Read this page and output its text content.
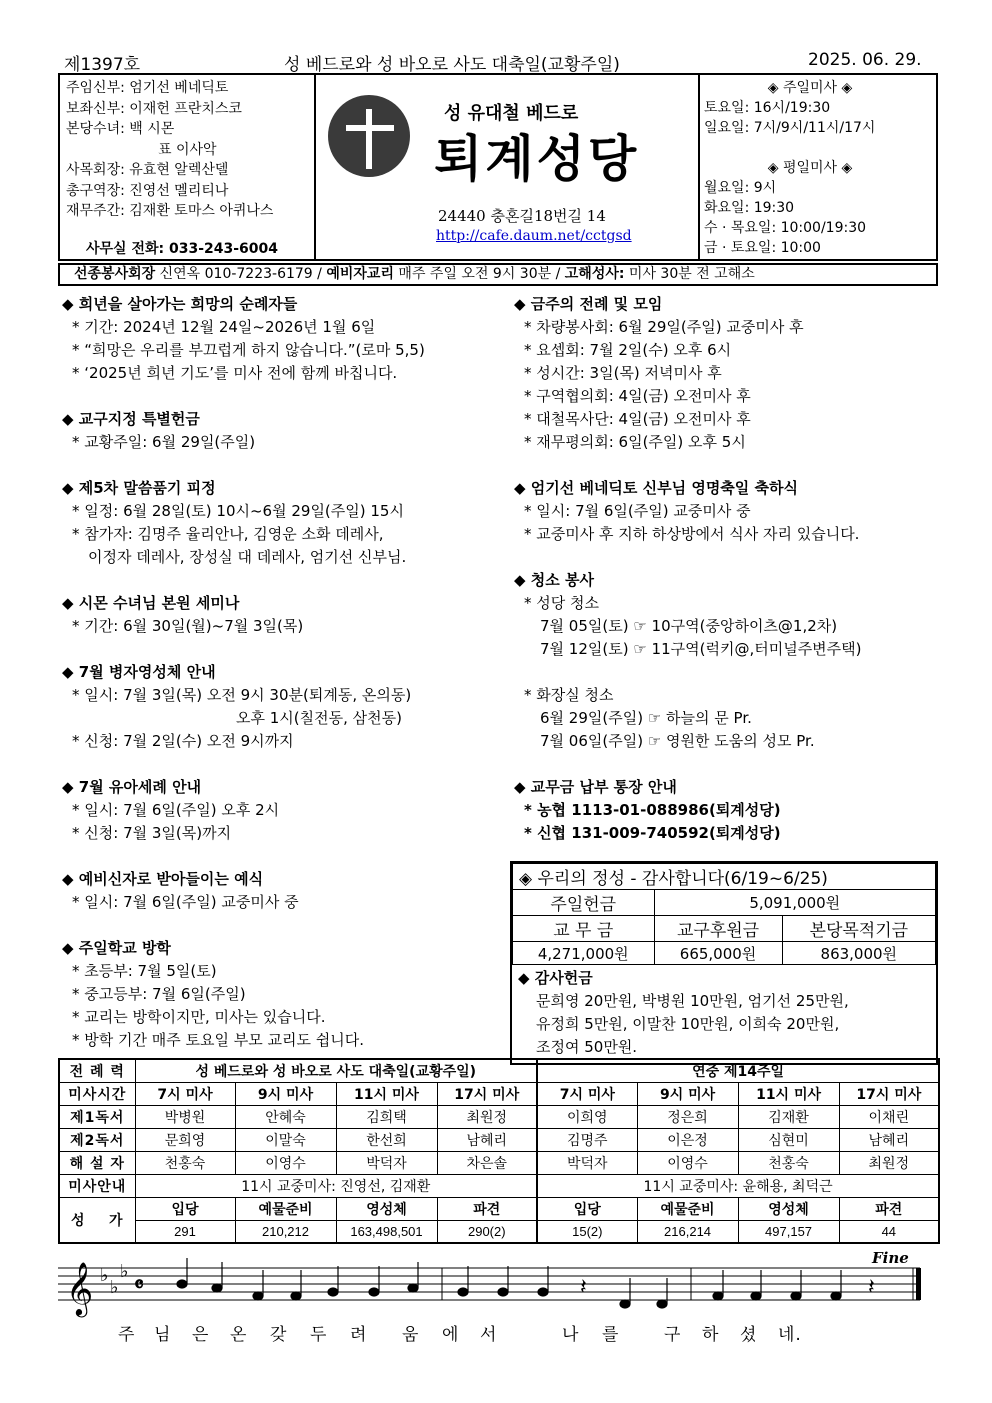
제1397호	성 베드로와 성 바오로 사도 대축일(교황주일)	2025. 06. 29.
주임신부: 엄기선 베네딕토
보좌신부: 이재헌 프란치스코
본당수녀: 백 시몬
표 이사악
사목회장: 유효현 알렉산델
총구역장: 진영선 멜리티나
재무주간: 김재환 토마스 아퀴나스
사무실 전화: 033-243-6004
성 유대철 베드로
퇴계성당
24440 충혼길18번길 14
http://cafe.daum.net/cctgsd
◈ 주일미사 ◈
토요일: 16시/19:30
일요일: 7시/9시/11시/17시
◈ 평일미사 ◈
월요일: 9시
화요일: 19:30
수 · 목요일: 10:00/19:30
금 · 토요일: 10:00
선종봉사회장 신연옥 010-7223-6179 / 예비자교리 매주 주일 오전 9시 30분 / 고해성사: 미사 30분 전 고해소
◆ 희년을 살아가는 희망의 순례자들
* 기간: 2024년 12월 24일~2026년 1월 6일
* “희망은 우리를 부끄럽게 하지 않습니다.”(로마 5,5)
* ‘2025년 희년 기도’를 미사 전에 함께 바칩니다.
◆ 교구지정 특별헌금
* 교황주일: 6월 29일(주일)
◆ 제5차 말씀품기 피정
* 일정: 6월 28일(토) 10시~6월 29일(주일) 15시
* 참가자: 김명주 율리안나, 김영운 소화 데레사,
이정자 데레사, 장성실 대 데레사, 엄기선 신부님.
◆ 시몬 수녀님 본원 세미나
* 기간: 6월 30일(월)~7월 3일(목)
◆ 7월 병자영성체 안내
* 일시: 7월 3일(목) 오전 9시 30분(퇴계동, 온의동)
오후 1시(칠전동, 삼천동)
* 신청: 7월 2일(수) 오전 9시까지
◆ 7월 유아세례 안내
* 일시: 7월 6일(주일) 오후 2시
* 신청: 7월 3일(목)까지
◆ 예비신자로 받아들이는 예식
* 일시: 7월 6일(주일) 교중미사 중
◆ 주일학교 방학
* 초등부: 7월 5일(토)
* 중고등부: 7월 6일(주일)
* 교리는 방학이지만, 미사는 있습니다.
* 방학 기간 매주 토요일 부모 교리도 쉽니다.
◆ 금주의 전례 및 모임
* 차량봉사회: 6월 29일(주일) 교중미사 후
* 요셉회: 7월 2일(수) 오후 6시
* 성시간: 3일(목) 저녁미사 후
* 구역협의회: 4일(금) 오전미사 후
* 대철목사단: 4일(금) 오전미사 후
* 재무평의회: 6일(주일) 오후 5시
◆ 엄기선 베네딕토 신부님 영명축일 축하식
* 일시: 7월 6일(주일) 교중미사 중
* 교중미사 후 지하 하상방에서 식사 자리 있습니다.
◆ 청소 봉사
* 성당 청소
7월 05일(토) ☞ 10구역(중앙하이츠@1,2차)
7월 12일(토) ☞ 11구역(럭키@,터미널주변주택)
* 화장실 청소
6월 29일(주일) ☞ 하늘의 문 Pr.
7월 06일(주일) ☞ 영원한 도움의 성모 Pr.
◆ 교무금 납부 통장 안내
* 농협 1113-01-088986(퇴계성당)
* 신협 131-009-740592(퇴계성당)
◈ 우리의 정성 - 감사합니다(6/19~6/25)		
주일헌금	5,091,000원	
교 무 금	교구후원금	본당목적기금
4,271,000원	665,000원	863,000원
◆ 감사헌금
문희영 20만원, 박병원 10만원, 엄기선 25만원,
유정희 5만원, 이말찬 10만원, 이희숙 20만원,
조정여 50만원.
전 례 력	성 베드로와 성 바오로 사도 대축일(교황주일)				연중 제14주일			
미사시간	7시 미사	9시 미사	11시 미사	17시 미사	7시 미사	9시 미사	11시 미사	17시 미사
제1독서	박병원	안혜숙	김희택	최원정	이희영	정은희	김재환	이채린
제2독서	문희영	이말숙	한선희	남혜리	김명주	이은정	심현미	남혜리
해 설 자	천홍숙	이영수	박덕자	차은솔	박덕자	이영수	천홍숙	최원정
미사안내	11시 교중미사: 진영선, 김재환				11시 교중미사: 윤해용, 최덕근			
성    가	입당	예물준비	영성체	파견	입당	예물준비	영성체	파견
	291	210,212	163,498,501	290(2)	15(2)	216,214	497,157	44
𝄞 ♭
♭
♭
𝄴
Fine
𝄽	𝄽
주 님 은 온 갖 두 려 움 에 서	나 를	구 하 셨 네.
